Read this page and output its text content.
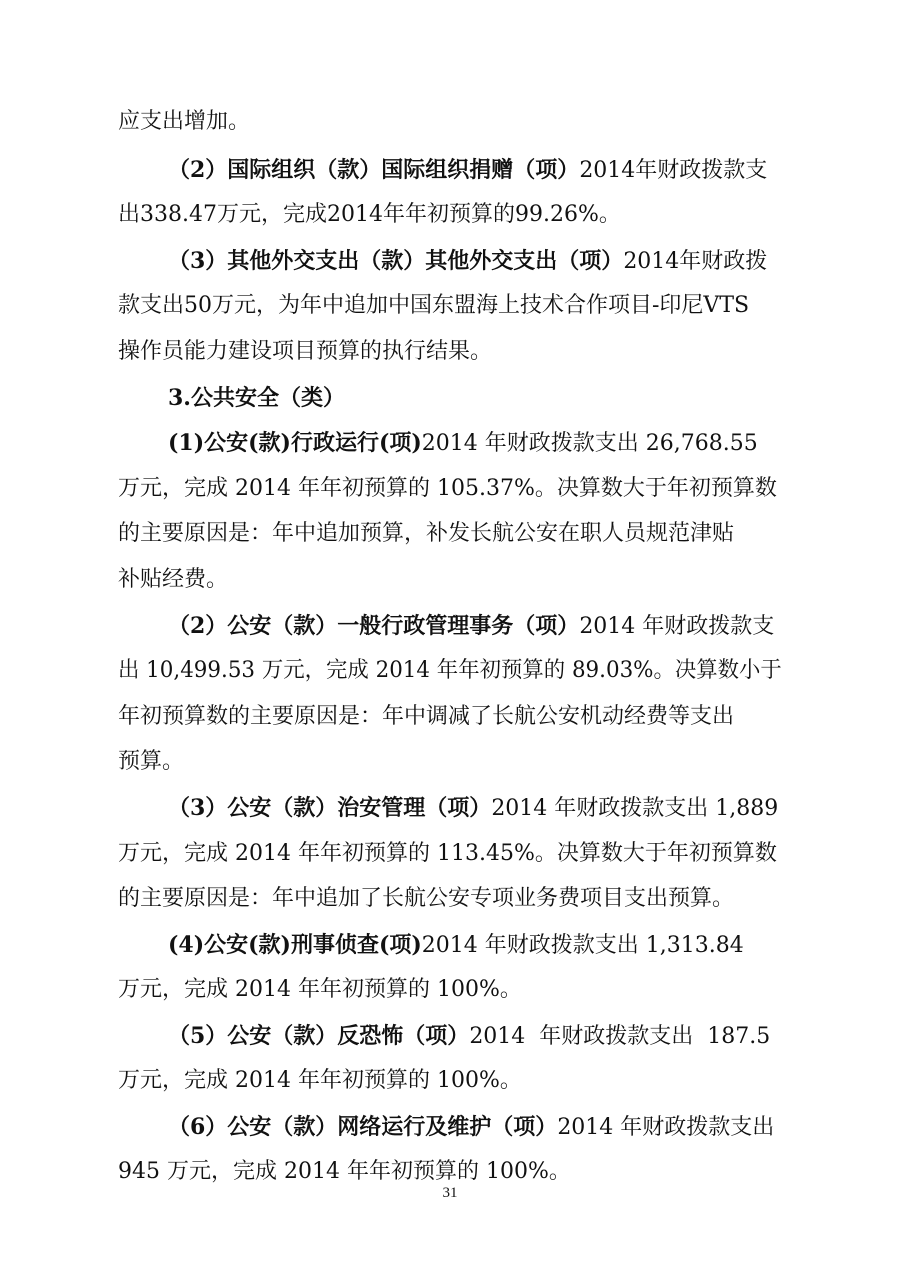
应支出增加。
（2）国际组织（款）国际组织捐赠（项）2014年财政拨款支
出338.47万元，完成2014年年初预算的99.26%。
（3）其他外交支出（款）其他外交支出（项）2014年财政拨
款支出50万元，为年中追加中国东盟海上技术合作项目-印尼VTS
操作员能力建设项目预算的执行结果。
3.公共安全（类）
(1)公安(款)行政运行(项)2014 年财政拨款支出 26,768.55
万元，完成 2014 年年初预算的 105.37%。决算数大于年初预算数
的主要原因是：年中追加预算，补发长航公安在职人员规范津贴
补贴经费。
（2）公安（款）一般行政管理事务（项）2014 年财政拨款支
出 10,499.53 万元，完成 2014 年年初预算的 89.03%。决算数小于
年初预算数的主要原因是：年中调减了长航公安机动经费等支出
预算。
（3）公安（款）治安管理（项）2014 年财政拨款支出 1,889
万元，完成 2014 年年初预算的 113.45%。决算数大于年初预算数
的主要原因是：年中追加了长航公安专项业务费项目支出预算。
(4)公安(款)刑事侦查(项)2014 年财政拨款支出 1,313.84
万元，完成 2014 年年初预算的 100%。
（5）公安（款）反恐怖（项）2014  年财政拨款支出  187.5
万元，完成 2014 年年初预算的 100%。
（6）公安（款）网络运行及维护（项）2014 年财政拨款支出
945 万元，完成 2014 年年初预算的 100%。
31
